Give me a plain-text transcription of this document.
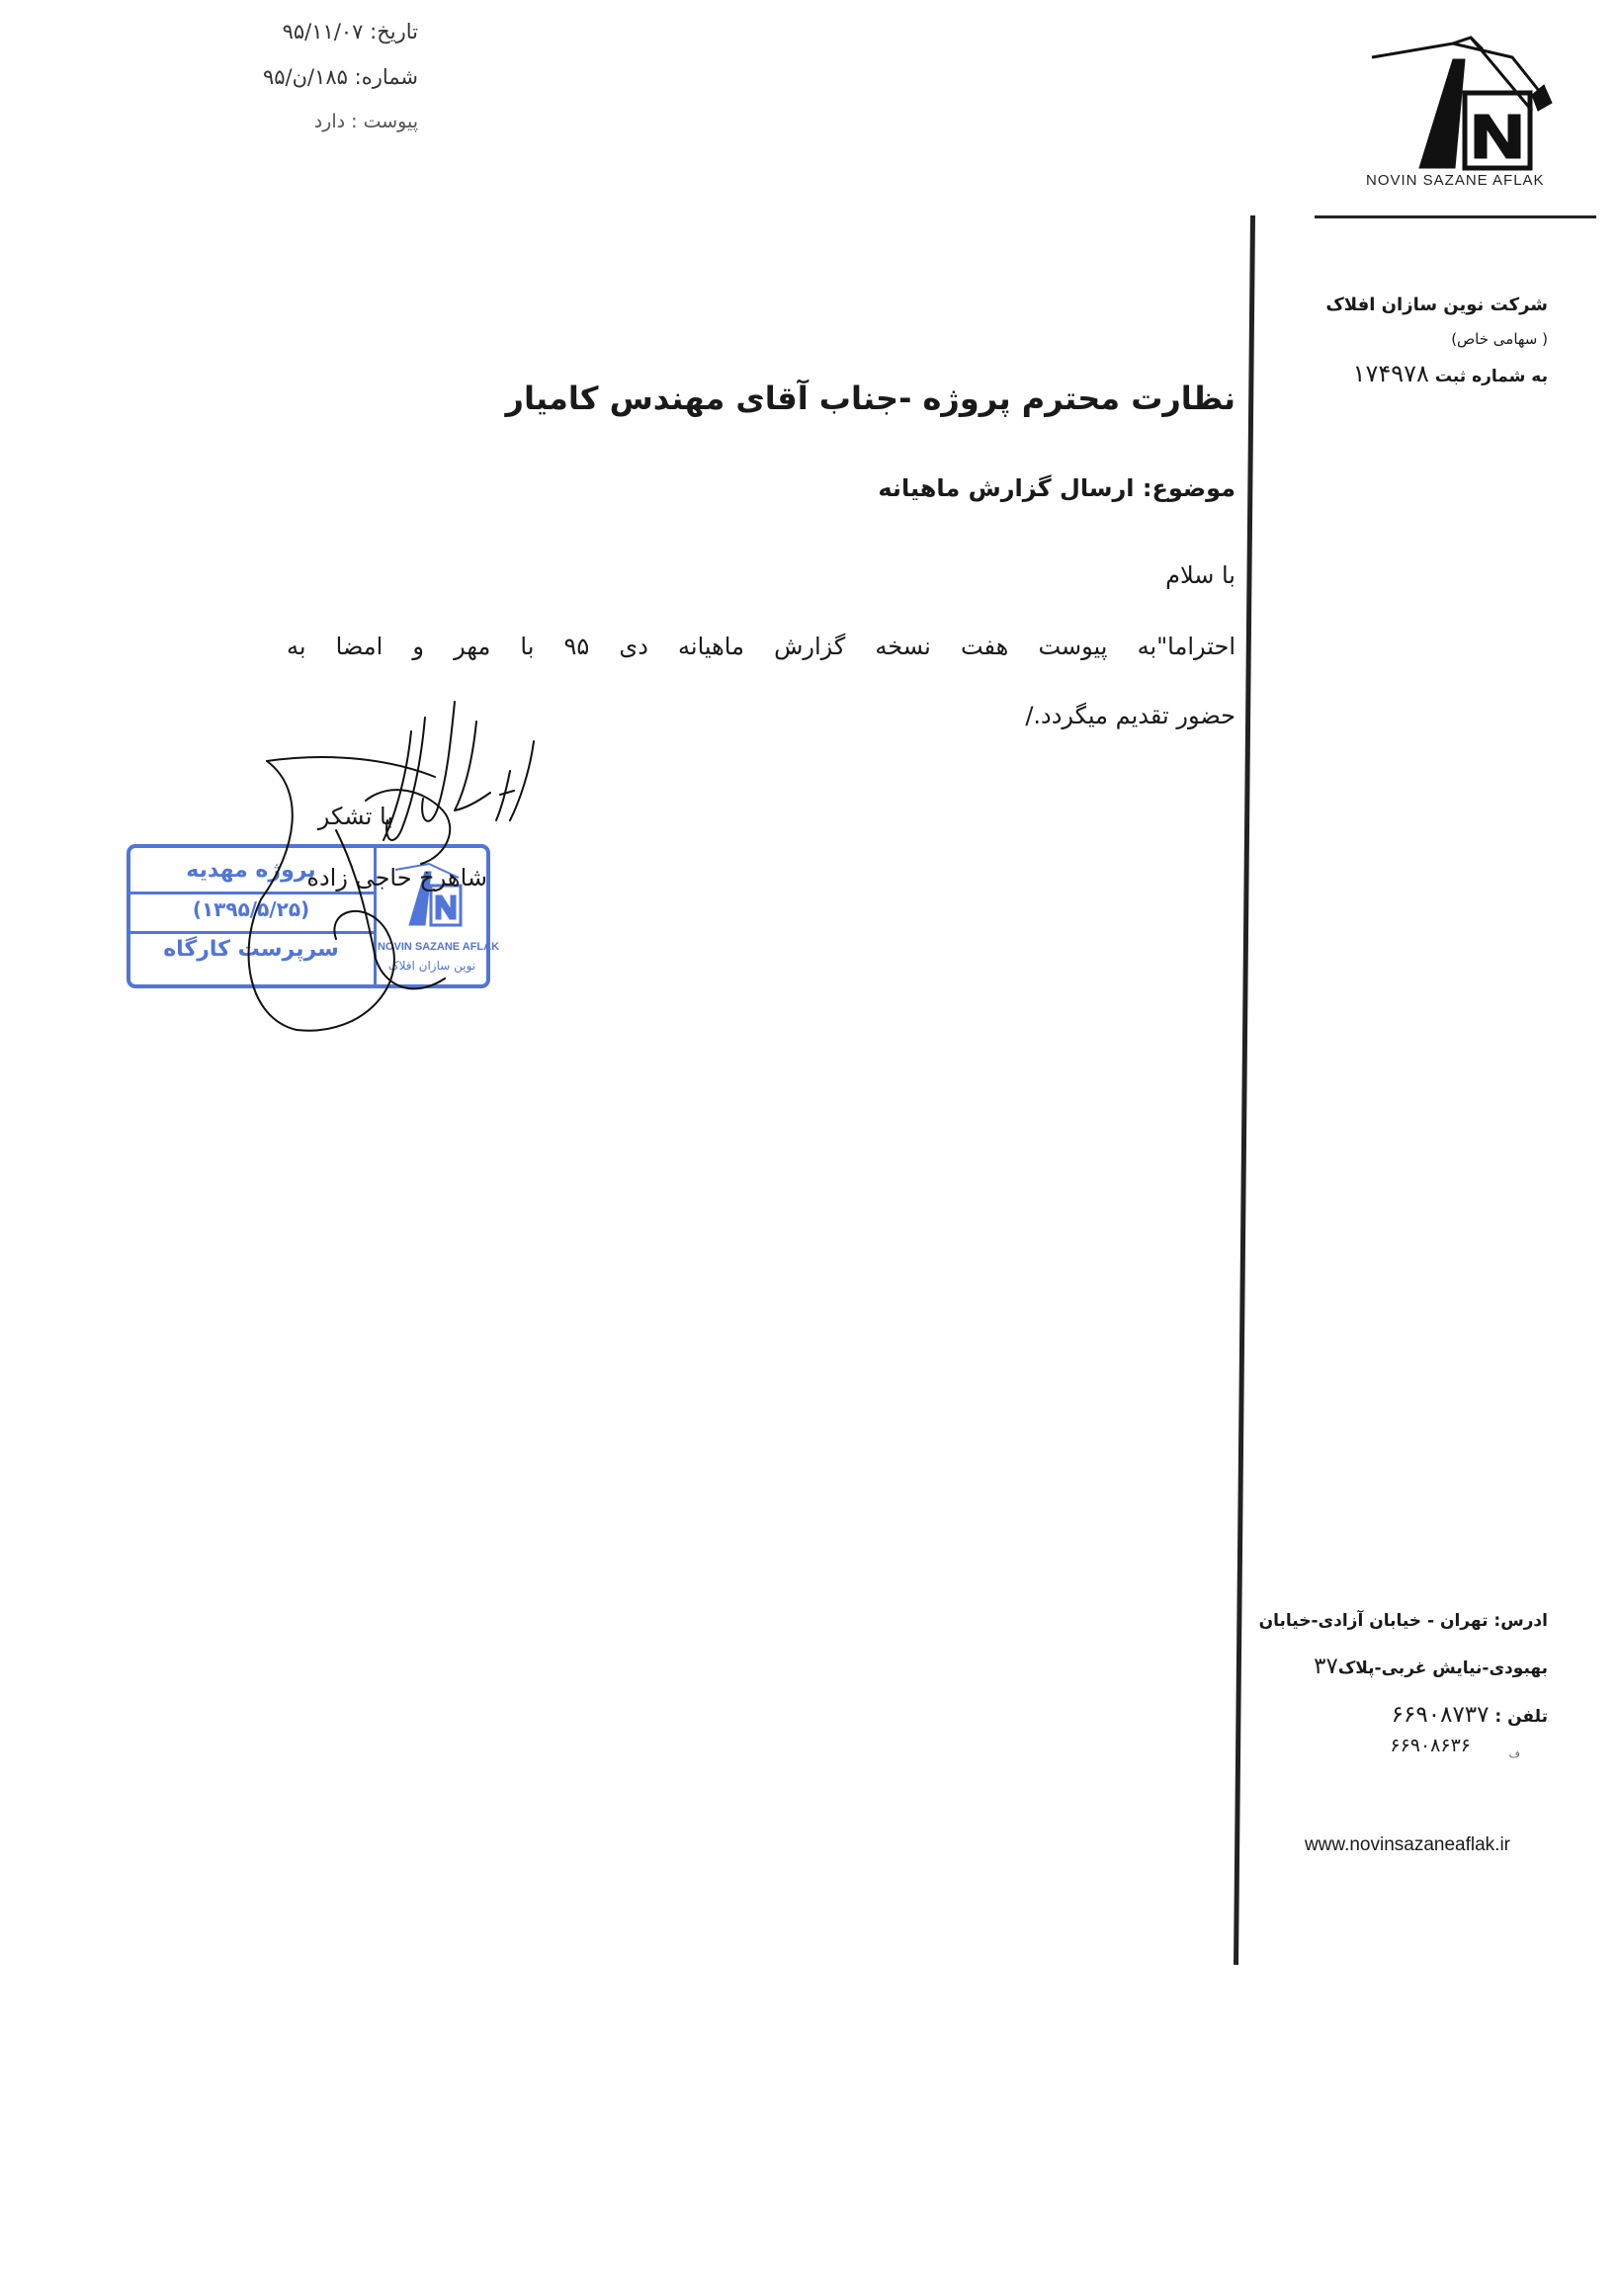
تاریخ: ۹۵/۱۱/۰۷
شماره: ۱۸۵/ن/۹۵
پیوست : دارد
NOVIN SAZANE AFLAK
شرکت نوین سازان افلاک
( سهامی خاص)
به شماره ثبت ۱۷۴۹۷۸
نظارت محترم پروژه -جناب آقای مهندس کامیار
موضوع: ارسال گزارش ماهیانه
با سلام
احتراما"به پیوست هفت نسخه گزارش ماهیانه دی ۹۵ با مهر و امضا به
حضور تقدیم میگردد./
با تشکر
پروژه مهدیه
(۱۳۹۵/۵/۲۵)
سرپرست کارگاه	NOVIN SAZANE AFLAK
نوین سازان افلاک
شاهرخ حاجی زاده
ادرس: تهران - خیابان آزادی-خیابان
بهبودی-نیایش غربی-پلاک۳۷
تلفن : ۶۶۹۰۸۷۳۷
۶۶۹۰۸۶۳۶	ف
www.novinsazaneaflak.ir
